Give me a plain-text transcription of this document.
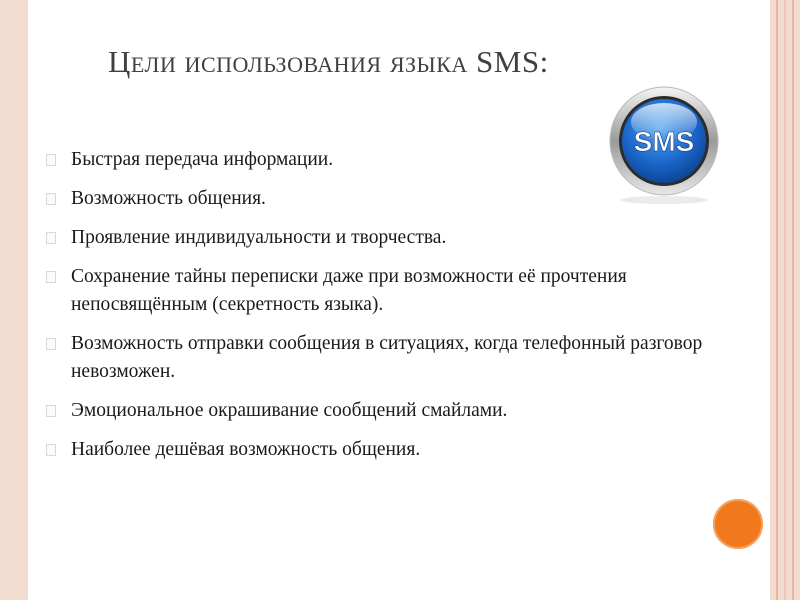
Цели использования языка SMS:
SMS
Быстрая передача информации.
Возможность общения.
Проявление индивидуальности и творчества.
Сохранение тайны переписки даже при возможности её прочтения непосвящённым (секретность языка).
Возможность отправки сообщения в ситуациях, когда телефонный разговор невозможен.
Эмоциональное окрашивание сообщений смайлами.
Наиболее дешёвая возможность общения.
